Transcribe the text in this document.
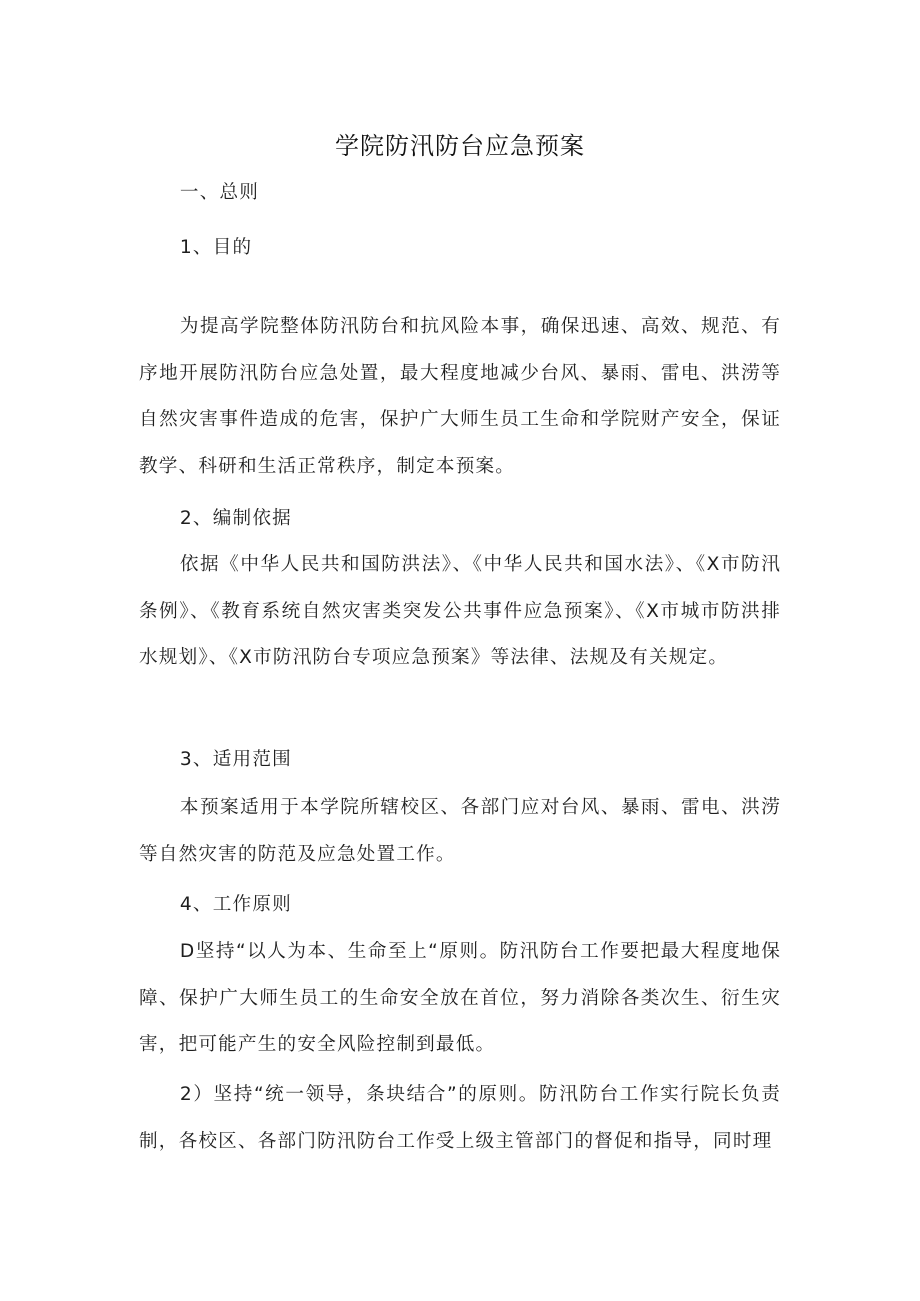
学院防汛防台应急预案

一、总则

1、目的

为提高学院整体防汛防台和抗风险本事，确保迅速、高效、规范、有序地开展防汛防台应急处置，最大程度地减少台风、暴雨、雷电、洪涝等自然灾害事件造成的危害，保护广大师生员工生命和学院财产安全，保证教学、科研和生活正常秩序，制定本预案。

2、编制依据

依据《中华人民共和国防洪法》、《中华人民共和国水法》、《X市防汛条例》、《教育系统自然灾害类突发公共事件应急预案》、《X市城市防洪排水规划》、《X市防汛防台专项应急预案》等法律、法规及有关规定。

3、适用范围

本预案适用于本学院所辖校区、各部门应对台风、暴雨、雷电、洪涝等自然灾害的防范及应急处置工作。

4、工作原则

D坚持“以人为本、生命至上“原则。防汛防台工作要把最大程度地保障、保护广大师生员工的生命安全放在首位，努力消除各类次生、衍生灾害，把可能产生的安全风险控制到最低。

2）坚持“统一领导，条块结合”的原则。防汛防台工作实行院长负责制，各校区、各部门防汛防台工作受上级主管部门的督促和指导，同时理
